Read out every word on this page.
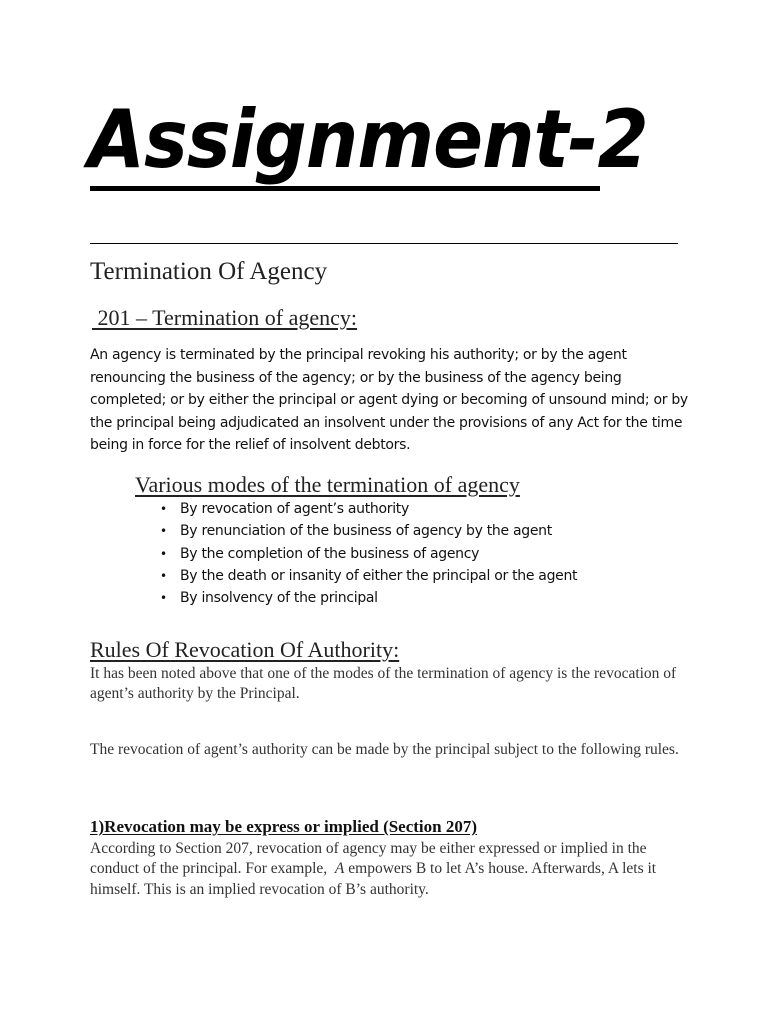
Assignment-2
Termination Of Agency
201 – Termination of agency:

An agency is terminated by the principal revoking his authority; or by the agent renouncing the business of the agency; or by the business of the agency being completed; or by either the principal or agent dying or becoming of unsound mind; or by the principal being adjudicated an insolvent under the provisions of any Act for the time being in force for the relief of insolvent debtors.

Various modes of the termination of agency
• By revocation of agent’s authority
• By renunciation of the business of agency by the agent
• By the completion of the business of agency
• By the death or insanity of either the principal or the agent
• By insolvency of the principal
Rules Of Revocation Of Authority:

It has been noted above that one of the modes of the termination of agency is the revocation of agent’s authority by the Principal.

The revocation of agent’s authority can be made by the principal subject to the following rules.

1)Revocation may be express or implied (Section 207)

According to Section 207, revocation of agency may be either expressed or implied in the conduct of the principal. For example,  A empowers B to let A’s house. Afterwards, A lets it himself. This is an implied revocation of B’s authority.
